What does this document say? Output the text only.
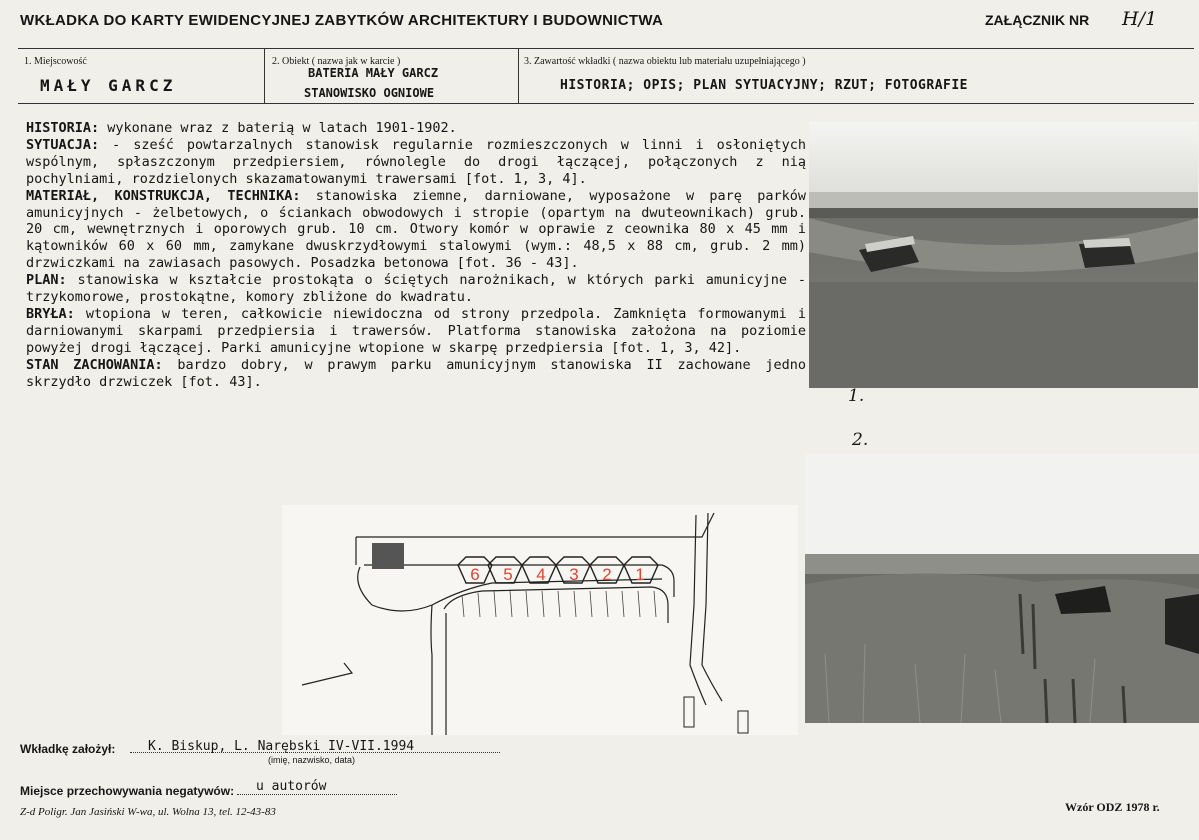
WKŁADKA DO KARTY EWIDENCYJNEJ ZABYTKÓW ARCHITEKTURY I BUDOWNICTWA	ZAŁĄCZNIK NR H/1
1. Miejscowość
MAŁY GARCZ
2. Obiekt ( nazwa jak w karcie )
BATERIA MAŁY GARCZ
STANOWISKO OGNIOWE
3. Zawartość wkładki ( nazwa obiektu lub materiału uzupełniającego )
HISTORIA; OPIS; PLAN SYTUACYJNY; RZUT; FOTOGRAFIE

HISTORIA: wykonane wraz z baterią w latach 1901-1902.

SYTUACJA: - sześć powtarzalnych stanowisk regularnie rozmieszczonych w linni i osłoniętych wspólnym, spłaszczonym przedpiersiem, równolegle do drogi łączącej, połączonych z nią pochylniami, rozdzielonych skazamatowanymi trawersami [fot. 1, 3, 4].

MATERIAŁ, KONSTRUKCJA, TECHNIKA: stanowiska ziemne, darniowane, wyposażone w parę parków amunicyjnych - żelbetowych, o ściankach obwodowych i stropie (opartym na dwuteownikach) grub. 20 cm, wewnętrznych i oporowych grub. 10 cm. Otwory komór w oprawie z ceownika 80 x 45 mm i kątowników 60 x 60 mm, zamykane dwuskrzydłowymi stalowymi (wym.: 48,5 x 88 cm, grub. 2 mm) drzwiczkami na zawiasach pasowych. Posadzka betonowa [fot. 36 - 43].

PLAN: stanowiska w kształcie prostokąta o ściętych narożnikach, w których parki amunicyjne - trzykomorowe, prostokątne, komory zbliżone do kwadratu.

BRYŁA: wtopiona w teren, całkowicie niewidoczna od strony przedpola. Zamknięta formowanymi i darniowanymi skarpami przedpiersia i trawersów. Platforma stanowiska założona na poziomie powyżej drogi łączącej. Parki amunicyjne wtopione w skarpę przedpiersia [fot. 1, 3, 42].

STAN ZACHOWANIA: bardzo dobry, w prawym parku amunicyjnym stanowiska II zachowane jedno skrzydło drzwiczek [fot. 43].

1.
2.
6	5	4	3	2	1
Wkładkę założył:	K. Biskup, L. Narębski IV-VII.1994
(imię, nazwisko, data)
Miejsce przechowywania negatywów: u autorów
Z-d Poligr. Jan Jasiński W-wa, ul. Wolna 13, tel. 12-43-83	Wzór ODZ 1978 r.
